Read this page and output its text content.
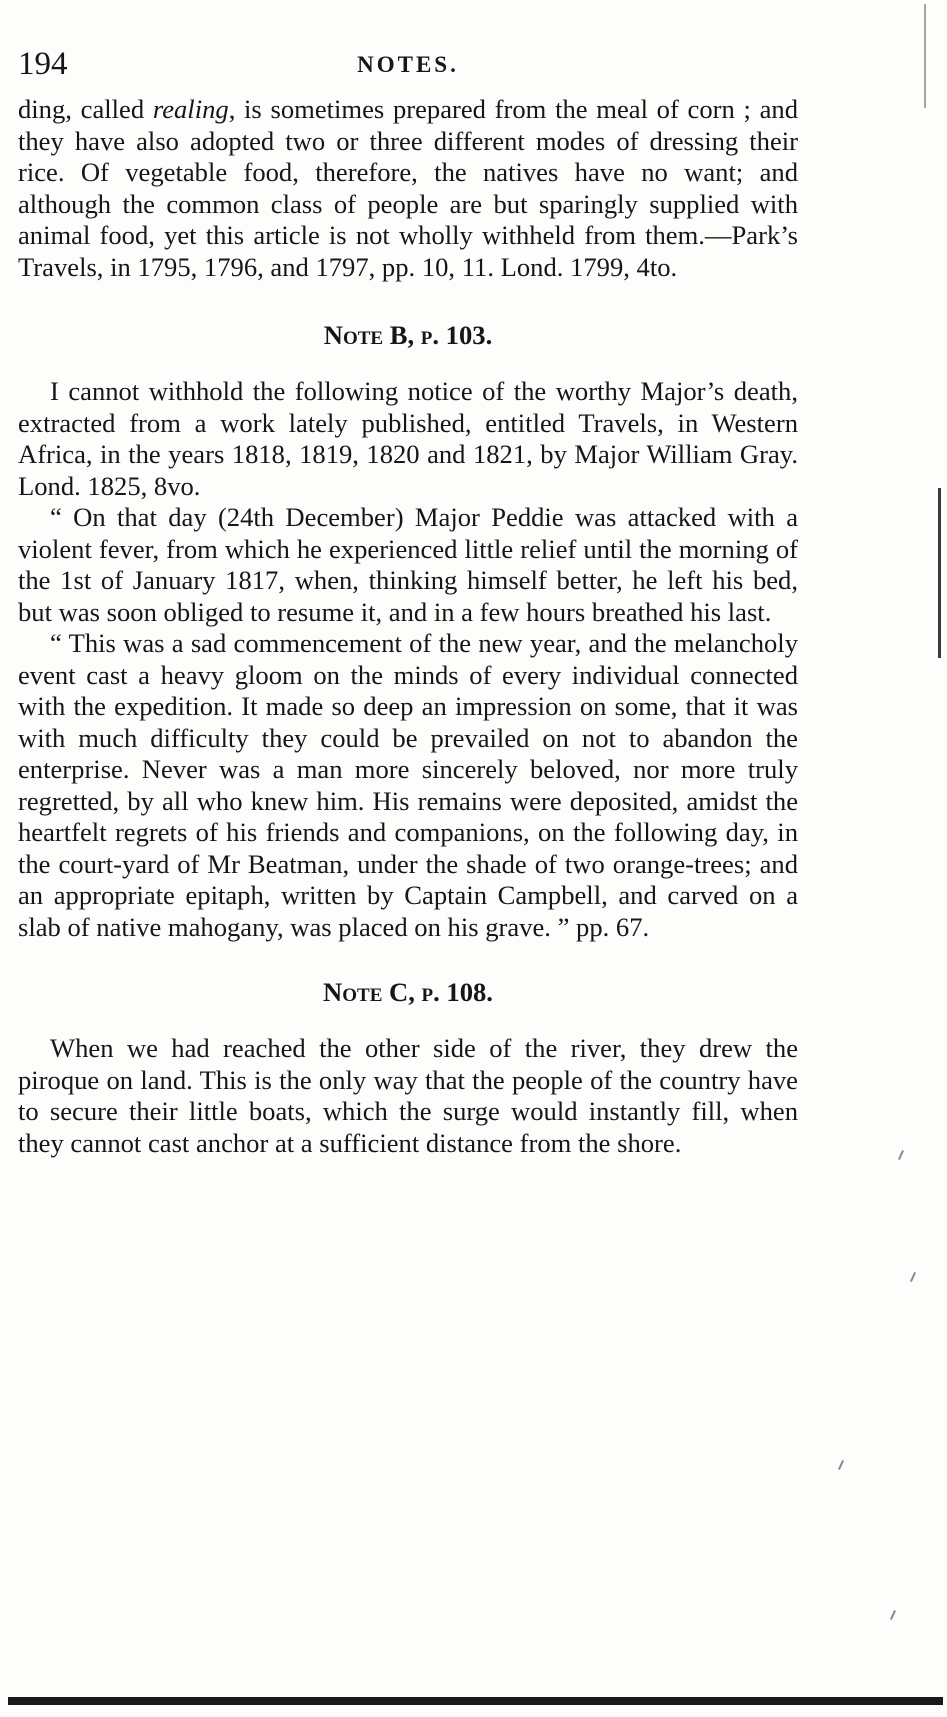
194	NOTES.

ding, called realing, is sometimes prepared from the meal of corn ; and they have also adopted two or three different modes of dressing their rice. Of vegetable food, therefore, the natives have no want; and although the common class of people are but sparingly supplied with animal food, yet this article is not wholly withheld from them.—Park’s Travels, in 1795, 1796, and 1797, pp. 10, 11. Lond. 1799, 4to.

Note B, p. 103.

I cannot withhold the following notice of the worthy Major’s death, extracted from a work lately published, entitled Travels, in Western Africa, in the years 1818, 1819, 1820 and 1821, by Major William Gray. Lond. 1825, 8vo.

“ On that day (24th December) Major Peddie was attacked with a violent fever, from which he experienced little relief until the morning of the 1st of January 1817, when, thinking himself better, he left his bed, but was soon obliged to resume it, and in a few hours breathed his last.

“ This was a sad commencement of the new year, and the melancholy event cast a heavy gloom on the minds of every individual connected with the expedition. It made so deep an impression on some, that it was with much difficulty they could be prevailed on not to abandon the enterprise. Never was a man more sincerely beloved, nor more truly regretted, by all who knew him. His remains were deposited, amidst the heartfelt regrets of his friends and companions, on the following day, in the court-yard of Mr Beatman, under the shade of two orange-trees; and an appropriate epitaph, written by Captain Campbell, and carved on a slab of native mahogany, was placed on his grave. ” pp. 67.

Note C, p. 108.

When we had reached the other side of the river, they drew the piroque on land. This is the only way that the people of the country have to secure their little boats, which the surge would instantly fill, when they cannot cast anchor at a sufficient distance from the shore.
